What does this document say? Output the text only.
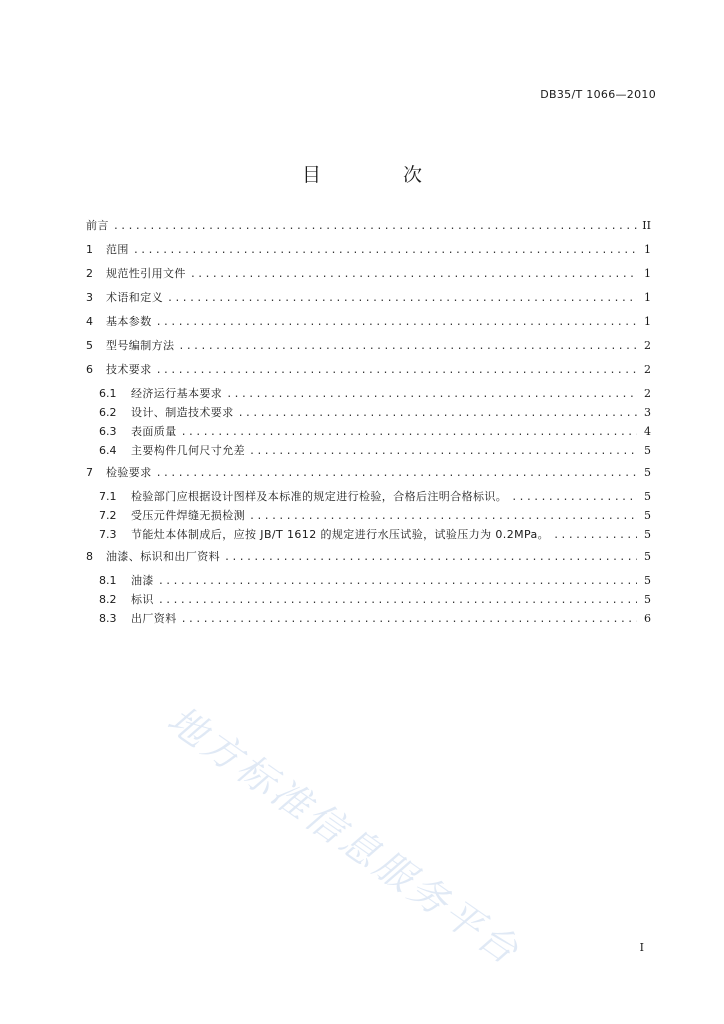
DB35/T 1066—2010
目 次
前言 .....	II
1	范围 .....	1
2	规范性引用文件 .....	1
3	术语和定义 .....	1
4	基本参数 .....	1
5	型号编制方法 .....	2
6	技术要求 .....	2
6.1	经济运行基本要求 .....	2
6.2	设计、制造技术要求 .....	3
6.3	表面质量 .....	4
6.4	主要构件几何尺寸允差 .....	5
7	检验要求 .....	5
7.1	检验部门应根据设计图样及本标准的规定进行检验，合格后注明合格标识。 .....	5
7.2	受压元件焊缝无损检测 .....	5
7.3	节能灶本体制成后，应按 JB/T 1612 的规定进行水压试验，试验压力为 0.2MPa。 .....	5
8	油漆、标识和出厂资料 .....	5
8.1	油漆 .....	5
8.2	标识 .....	5
8.3	出厂资料 .....	6
地方标准信息服务平台	I
